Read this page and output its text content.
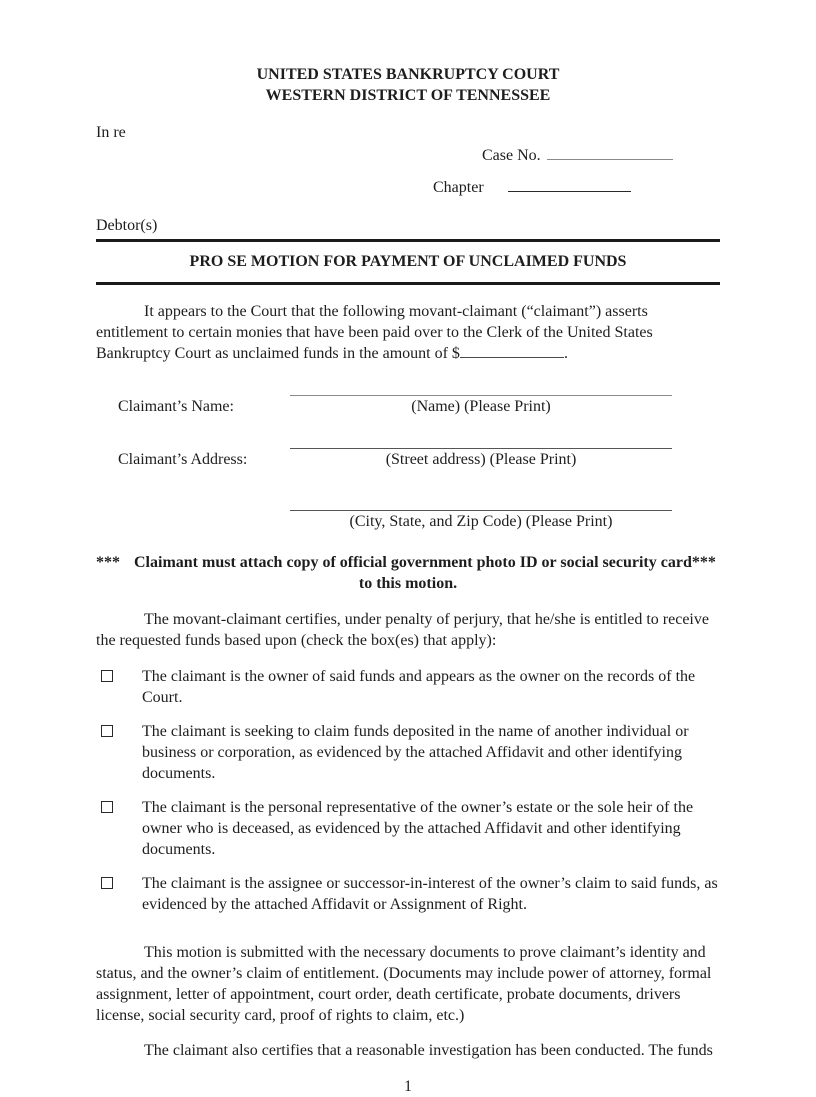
UNITED STATES BANKRUPTCY COURT
WESTERN DISTRICT OF TENNESSEE
In re
Case No.
Chapter
Debtor(s)
PRO SE MOTION FOR PAYMENT OF UNCLAIMED FUNDS

It appears to the Court that the following movant-claimant (“claimant”) asserts entitlement to certain monies that have been paid over to the Clerk of the United States Bankruptcy Court as unclaimed funds in the amount of $	.

Claimant’s Name:	(Name) (Please Print)
Claimant’s Address:	(Street address) (Please Print)
(City, State, and Zip Code) (Please Print)
*** Claimant must attach copy of official government photo ID or social security card***
to this motion.

The movant-claimant certifies, under penalty of perjury, that he/she is entitled to receive the requested funds based upon (check the box(es) that apply):

The claimant is the owner of said funds and appears as the owner on the records of the Court.
The claimant is seeking to claim funds deposited in the name of another individual or business or corporation, as evidenced by the attached Affidavit and other identifying documents.
The claimant is the personal representative of the owner’s estate or the sole heir of the owner who is deceased, as evidenced by the attached Affidavit and other identifying documents.
The claimant is the assignee or successor-in-interest of the owner’s claim to said funds, as evidenced by the attached Affidavit or Assignment of Right.

This motion is submitted with the necessary documents to prove claimant’s identity and status, and the owner’s claim of entitlement. (Documents may include power of attorney, formal assignment, letter of appointment, court order, death certificate, probate documents, drivers license, social security card, proof of rights to claim, etc.)

The claimant also certifies that a reasonable investigation has been conducted. The funds

1
